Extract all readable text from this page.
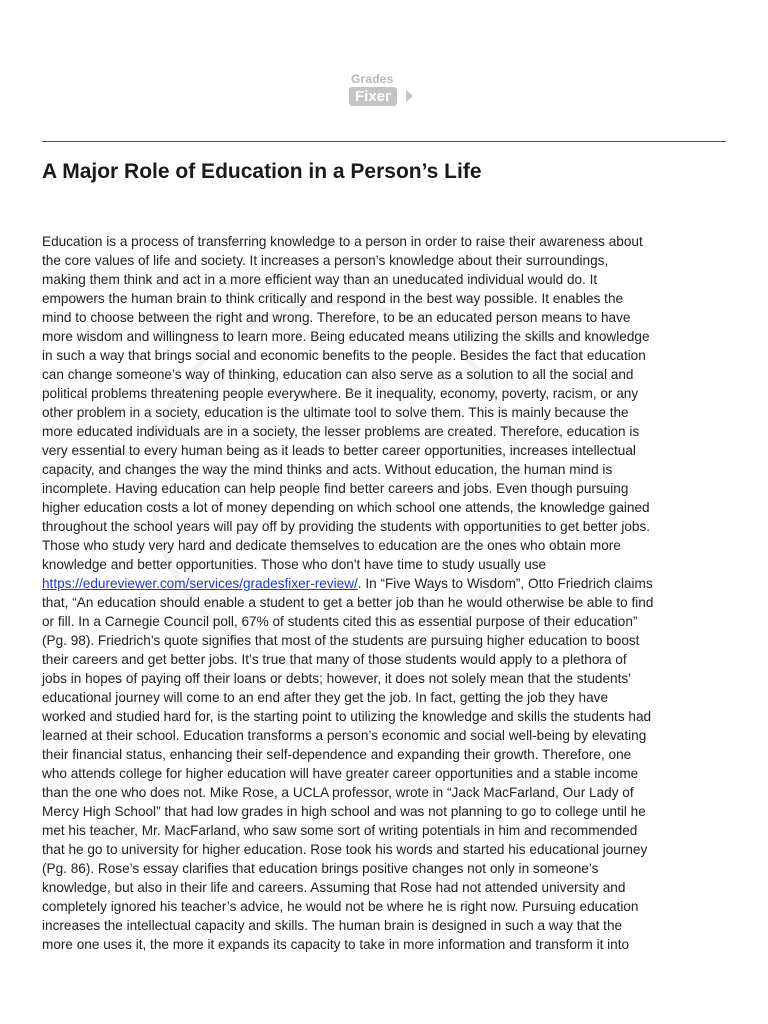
Grades
Fixer
A Major Role of Education in a Person’s Life
Education is a process of transferring knowledge to a person in order to raise their awareness about
the core values of life and society. It increases a person’s knowledge about their surroundings,
making them think and act in a more efficient way than an uneducated individual would do. It
empowers the human brain to think critically and respond in the best way possible. It enables the
mind to choose between the right and wrong. Therefore, to be an educated person means to have
more wisdom and willingness to learn more. Being educated means utilizing the skills and knowledge
in such a way that brings social and economic benefits to the people. Besides the fact that education
can change someone’s way of thinking, education can also serve as a solution to all the social and
political problems threatening people everywhere. Be it inequality, economy, poverty, racism, or any
other problem in a society, education is the ultimate tool to solve them. This is mainly because the
more educated individuals are in a society, the lesser problems are created. Therefore, education is
very essential to every human being as it leads to better career opportunities, increases intellectual
capacity, and changes the way the mind thinks and acts. Without education, the human mind is
incomplete. Having education can help people find better careers and jobs. Even though pursuing
higher education costs a lot of money depending on which school one attends, the knowledge gained
throughout the school years will pay off by providing the students with opportunities to get better jobs.
Those who study very hard and dedicate themselves to education are the ones who obtain more
knowledge and better opportunities. Those who don't have time to study usually use
https://edureviewer.com/services/gradesfixer-review/. In “Five Ways to Wisdom”, Otto Friedrich claims
that, “An education should enable a student to get a better job than he would otherwise be able to find
or fill. In a Carnegie Council poll, 67% of students cited this as essential purpose of their education”
(Pg. 98). Friedrich’s quote signifies that most of the students are pursuing higher education to boost
their careers and get better jobs. It’s true that many of those students would apply to a plethora of
jobs in hopes of paying off their loans or debts; however, it does not solely mean that the students’
educational journey will come to an end after they get the job. In fact, getting the job they have
worked and studied hard for, is the starting point to utilizing the knowledge and skills the students had
learned at their school. Education transforms a person’s economic and social well-being by elevating
their financial status, enhancing their self-dependence and expanding their growth. Therefore, one
who attends college for higher education will have greater career opportunities and a stable income
than the one who does not. Mike Rose, a UCLA professor, wrote in “Jack MacFarland, Our Lady of
Mercy High School” that had low grades in high school and was not planning to go to college until he
met his teacher, Mr. MacFarland, who saw some sort of writing potentials in him and recommended
that he go to university for higher education. Rose took his words and started his educational journey
(Pg. 86). Rose’s essay clarifies that education brings positive changes not only in someone’s
knowledge, but also in their life and careers. Assuming that Rose had not attended university and
completely ignored his teacher’s advice, he would not be where he is right now. Pursuing education
increases the intellectual capacity and skills. The human brain is designed in such a way that the
more one uses it, the more it expands its capacity to take in more information and transform it into
